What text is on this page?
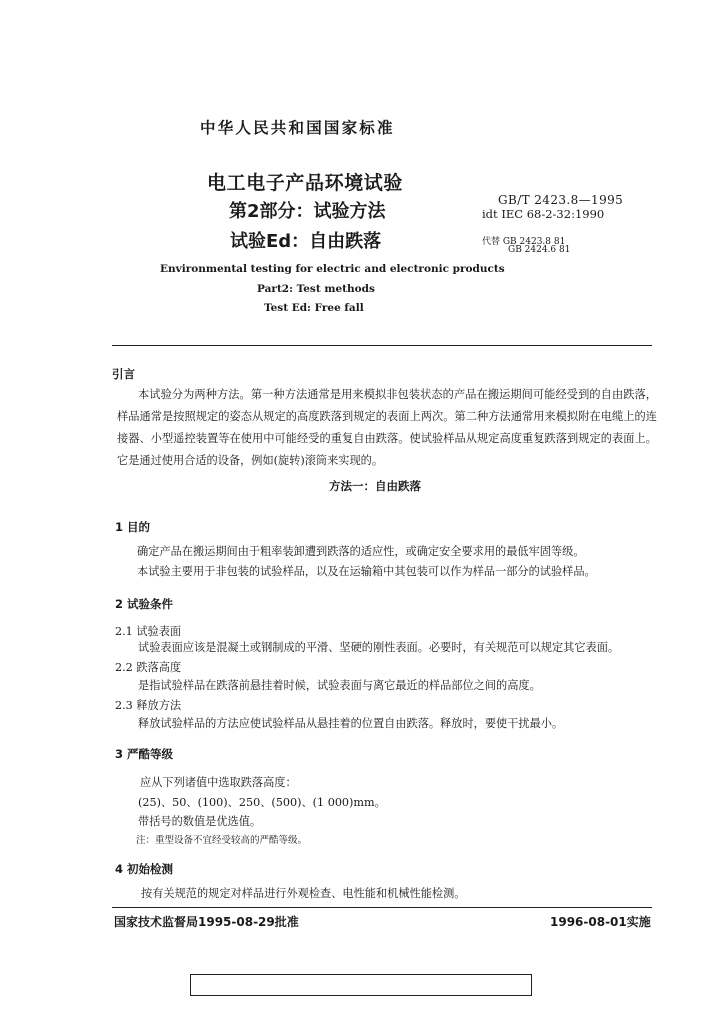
中华人民共和国国家标准
电工电子产品环境试验
第2部分：试验方法
试验Ed：自由跌落
GB/T 2423.8—1995
idt IEC 68-2-32:1990
代替 GB 2423.8 81
GB 2424.6 81
Environmental testing for electric and electronic products
Part2: Test methods
Test Ed: Free fall
引言
本试验分为两种方法。第一种方法通常是用来模拟非包装状态的产品在搬运期间可能经受到的自由跌落，样品通常是按照规定的姿态从规定的高度跌落到规定的表面上两次。第二种方法通常用来模拟附在电缆上的连接器、小型遥控装置等在使用中可能经受的重复自由跌落。使试验样品从规定高度重复跌落到规定的表面上。它是通过使用合适的设备，例如(旋转)滚筒来实现的。
方法一：自由跌落
1 目的
确定产品在搬运期间由于粗率装卸遭到跌落的适应性，或确定安全要求用的最低牢固等级。
本试验主要用于非包装的试验样品，以及在运输箱中其包装可以作为样品一部分的试验样品。
2 试验条件
2.1 试验表面
试验表面应该是混凝土或钢制成的平滑、坚硬的刚性表面。必要时，有关规范可以规定其它表面。
2.2 跌落高度
是指试验样品在跌落前悬挂着时候，试验表面与离它最近的样品部位之间的高度。
2.3 释放方法
释放试验样品的方法应使试验样品从悬挂着的位置自由跌落。释放时，要使干扰最小。
3 严酷等级
应从下列诸值中选取跌落高度：
(25)、50、(100)、250、(500)、(1 000)mm。
带括号的数值是优选值。
注：重型设备不宜经受较高的严酷等级。
4 初始检测
按有关规范的规定对样品进行外观检查、电性能和机械性能检测。
国家技术监督局1995-08-29批准	1996-08-01实施
